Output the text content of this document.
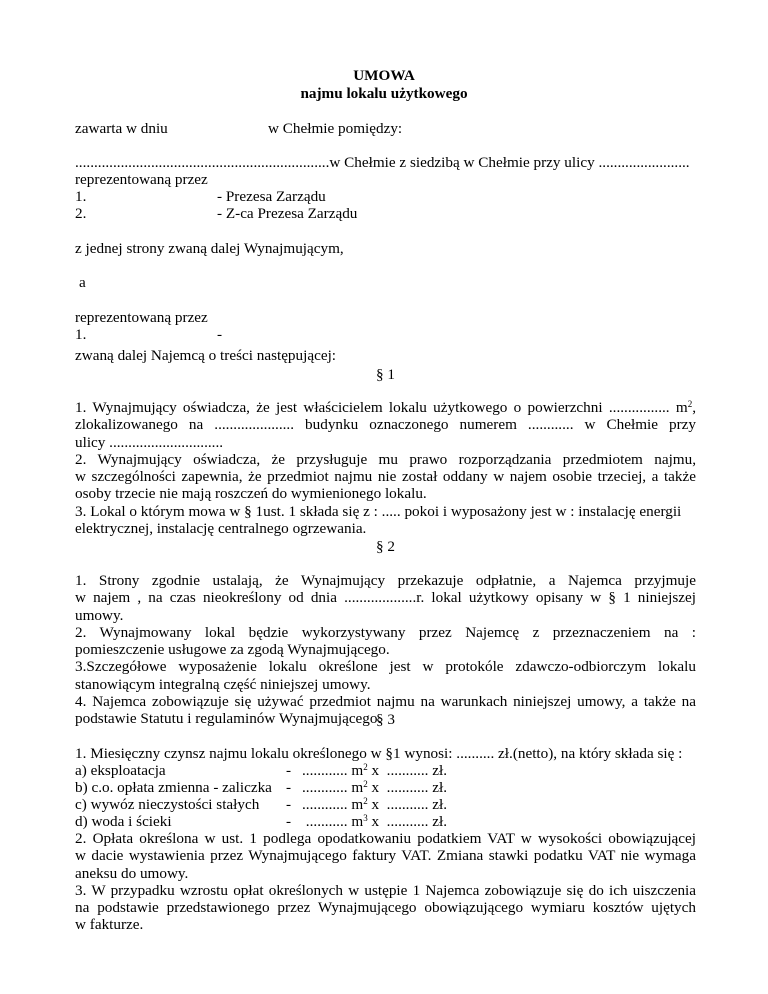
UMOWA
najmu lokalu użytkowego
zawarta w dniu	w Chełmie pomiędzy:
...................................................................w Chełmie z siedzibą w Chełmie przy ulicy ........................
reprezentowaną przez
1.	- Prezesa Zarządu
2.	- Z-ca Prezesa Zarządu
z jednej strony zwaną dalej Wynajmującym,
a
reprezentowaną przez
1.	-
zwaną dalej Najemcą o treści następującej:
§ 1
1. Wynajmujący oświadcza, że jest właścicielem lokalu użytkowego o powierzchni ................ $m^2$,
zlokalizowanego na ..................... budynku oznaczonego numerem ............ w Chełmie przy
ulicy ..............................
2. Wynajmujący oświadcza, że przysługuje mu prawo rozporządzania przedmiotem najmu,
w szczególności zapewnia, że przedmiot najmu nie został oddany w najem osobie trzeciej, a także
osoby trzecie nie mają roszczeń do wymienionego lokalu.
3. Lokal o którym mowa w § 1ust. 1 składa się z : ..... pokoi i wyposażony jest w : instalację energii
elektrycznej, instalację centralnego ogrzewania.
§ 2
1. Strony zgodnie ustalają, że Wynajmujący przekazuje odpłatnie, a Najemca przyjmuje
w najem , na czas nieokreślony od dnia ...................r. lokal użytkowy opisany w § 1 niniejszej
umowy.
2. Wynajmowany lokal będzie wykorzystywany przez Najemcę z przeznaczeniem na :
pomieszczenie usługowe za zgodą Wynajmującego.
3.Szczegółowe wyposażenie lokalu określone jest w protokóle zdawczo-odbiorczym lokalu
stanowiącym integralną część niniejszej umowy.
4. Najemca zobowiązuje się używać przedmiot najmu na warunkach niniejszej umowy, a także na
podstawie Statutu i regulaminów Wynajmującego.
§ 3
1. Miesięczny czynsz najmu lokalu określonego w §1 wynosi: .......... zł.(netto), na który składa się :
a) eksploatacja	- ............ $m^2$ x  ........... zł.
b) c.o. opłata zmienna - zaliczka - ............ $m^2$ x  ........... zł.
c) wywóz nieczystości stałych - ............ $m^2$ x  ........... zł.
d) woda i ścieki	- ........... $m^3$ x  ........... zł.
2. Opłata określona w ust. 1 podlega opodatkowaniu podatkiem VAT w wysokości obowiązującej
w dacie wystawienia przez Wynajmującego faktury VAT. Zmiana stawki podatku VAT nie wymaga
aneksu do umowy.
3. W przypadku wzrostu opłat określonych w ustępie 1 Najemca zobowiązuje się do ich uiszczenia
na podstawie przedstawionego przez Wynajmującego obowiązującego wymiaru kosztów ujętych
w fakturze.
